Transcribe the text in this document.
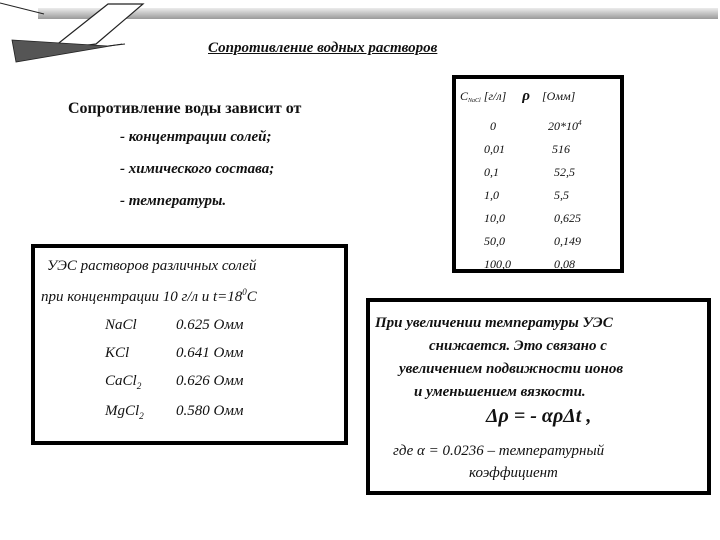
Сопротивление водных растворов
Сопротивление воды зависит от
- концентрации солей;
- химического состава;
- температуры.
CNaCl [г/л] ρ [Омм]
0	$20*10^4$
0,01	516
0,1	52,5
1,0	5,5
10,0	0,625
50,0	0,149
100,0	0,08
УЭС растворов различных солей
при концентрации 10 г/л и $t=18^0C$
NaCl	0.625 Омм
KCl	0.641 Омм
CaCl$_2$ 0.626 Омм
MgCl$_2$ 0.580 Омм
При увеличении температуры УЭС
снижается. Это связано с
увеличением подвижности ионов
и уменьшением вязкости.
Δρ = - αρΔt ,
где α = 0.0236 – температурный
коэффициент
